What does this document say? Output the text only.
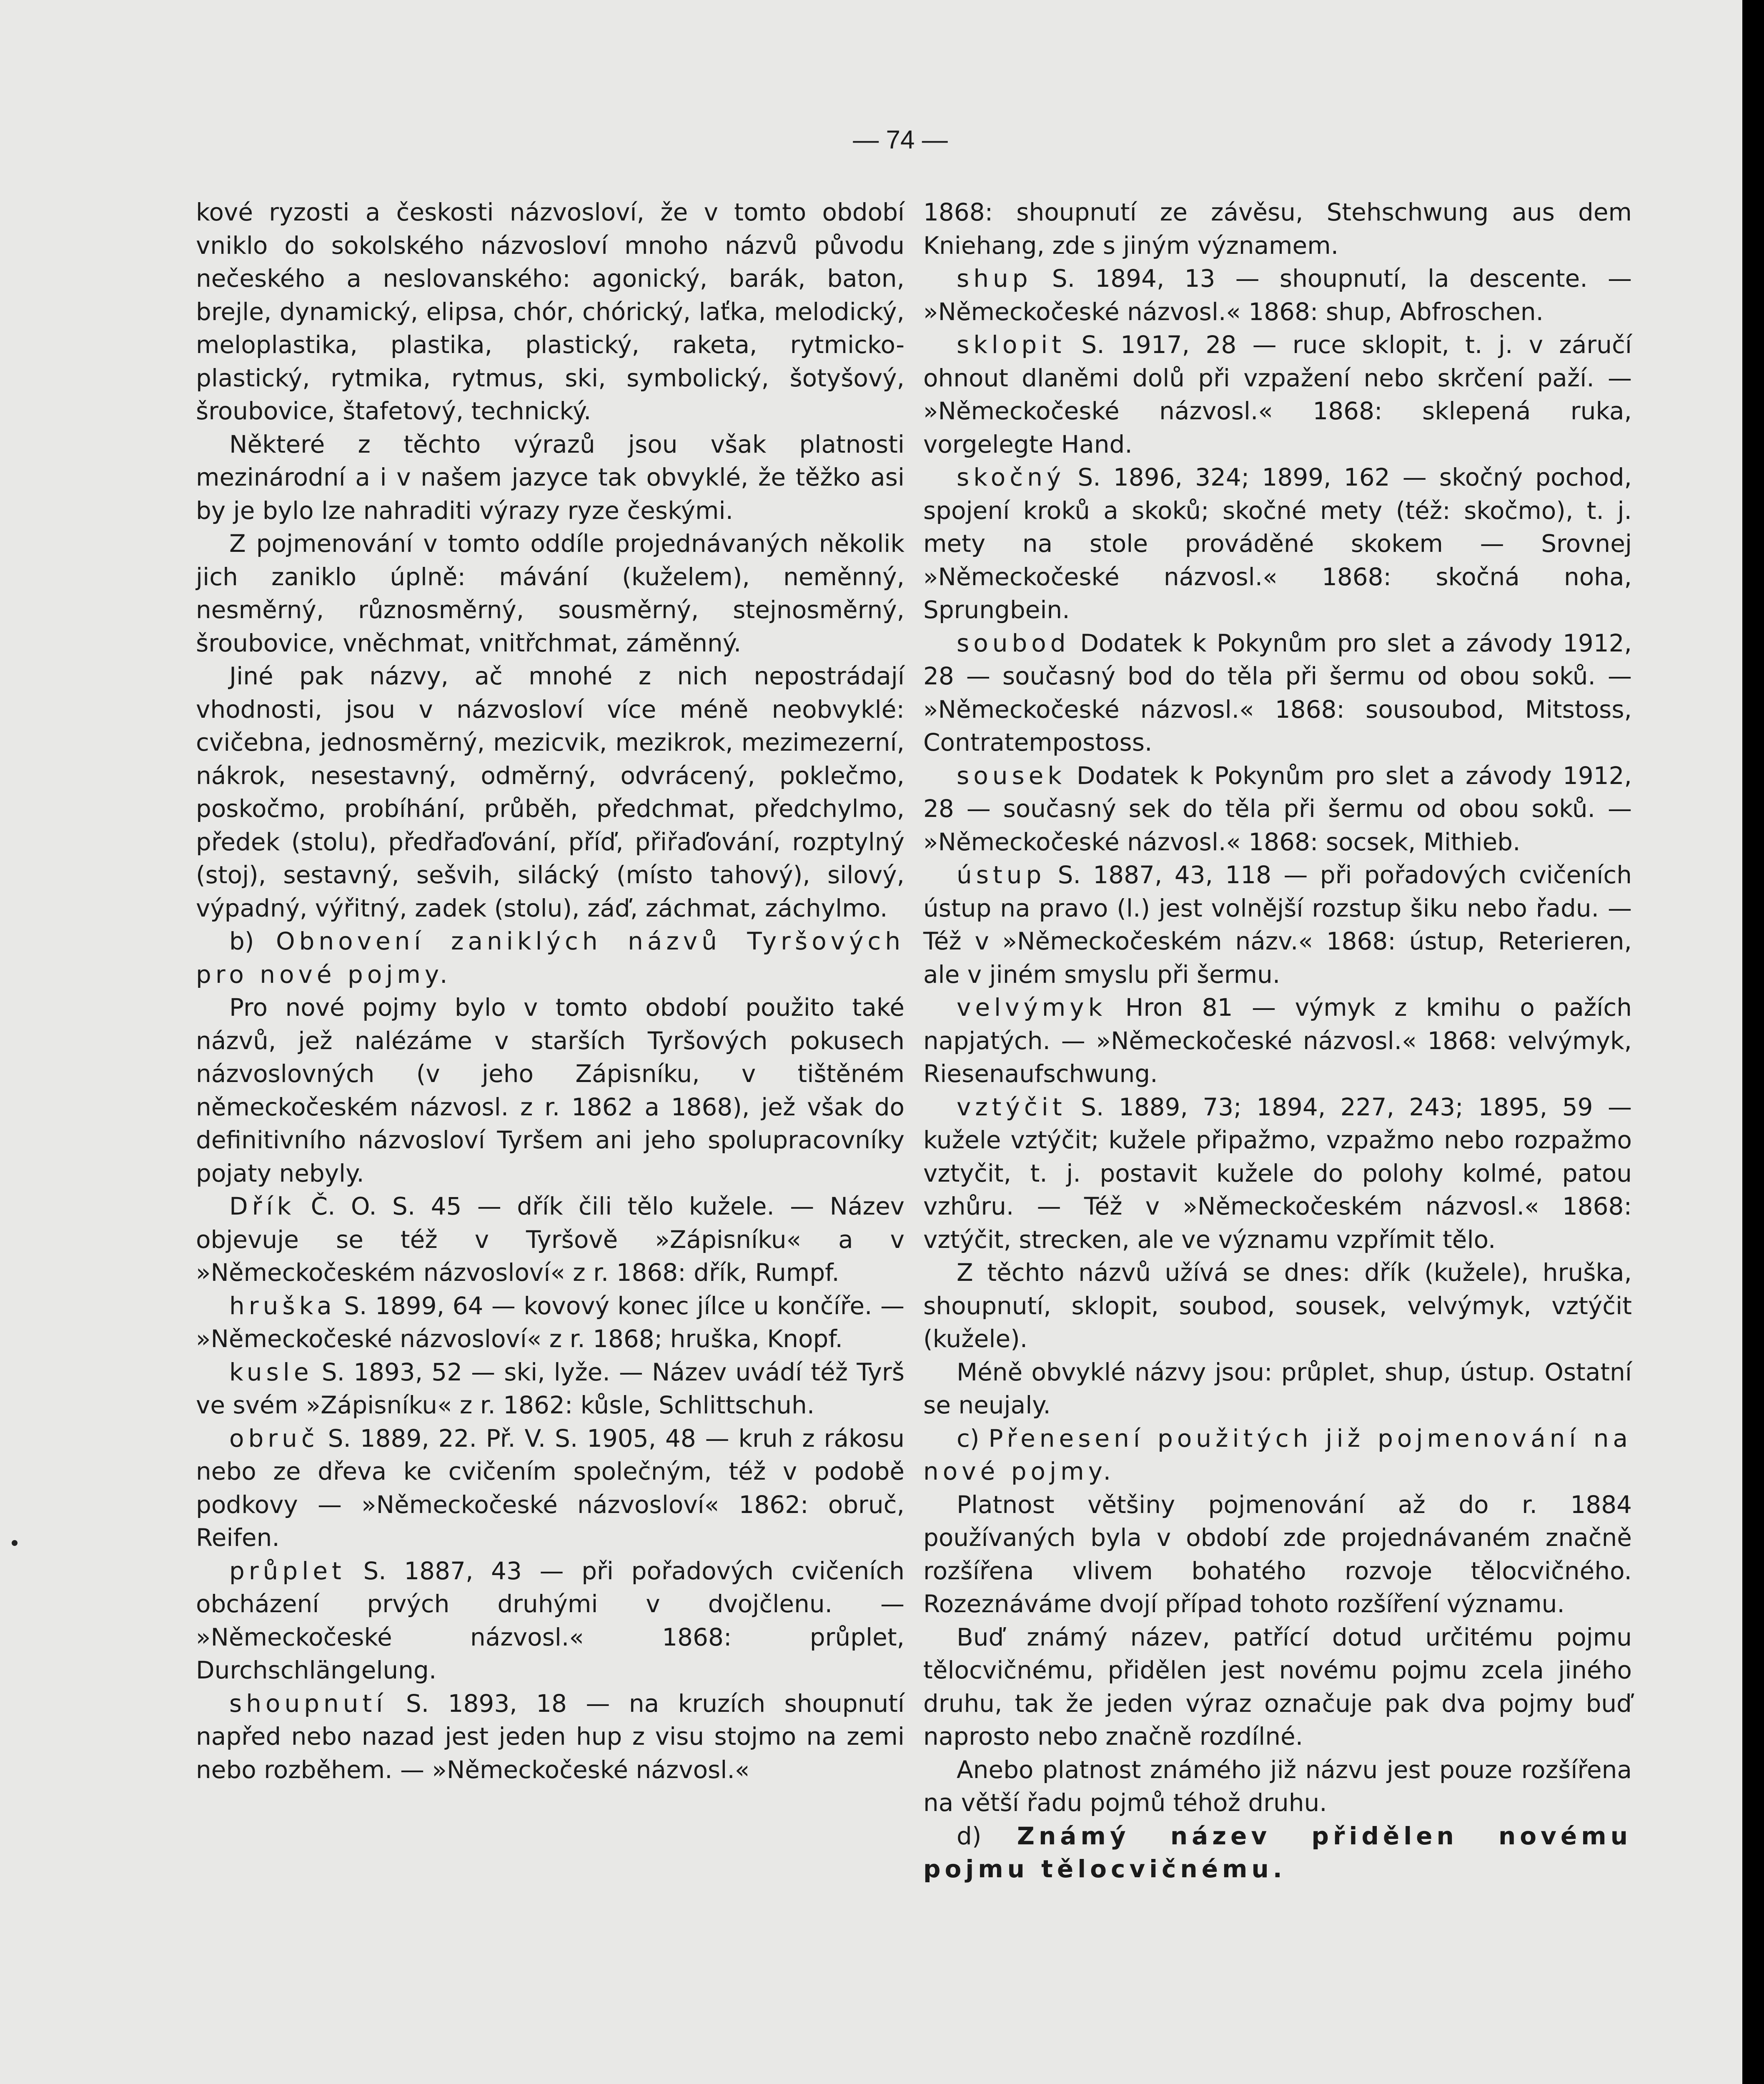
— 74 —

kové ryzosti a českosti názvosloví, že v tomto období vniklo do sokolského názvosloví mnoho názvů původu nečeského a neslovanského: agonický, barák, baton, brejle, dynamický, elipsa, chór, chórický, laťka, melodický, meloplastika, plastika, plastický, raketa, rytmicko-plastický, rytmika, rytmus, ski, symbolický, šotyšový, šroubovice, štafetový, technický.

Některé z těchto výrazů jsou však platnosti mezinárodní a i v našem jazyce tak obvyklé, že těžko asi by je bylo lze nahraditi výrazy ryze českými.

Z pojmenování v tomto oddíle projednávaných několik jich zaniklo úplně: mávání (kuželem), neměnný, nesměrný, různosměrný, sousměrný, stejnosměrný, šroubovice, vněchmat, vnitřchmat, záměnný.

Jiné pak názvy, ač mnohé z nich nepostrádají vhodnosti, jsou v názvosloví více méně neobvyklé: cvičebna, jednosměrný, mezicvik, mezikrok, mezimezerní, nákrok, nesestavný, odměrný, odvrácený, poklečmo, poskočmo, probíhání, průběh, předchmat, předchylmo, předek (stolu), předřaďování, příď, přiřaďování, rozptylný (stoj), sestavný, sešvih, silácký (místo tahový), silový, výpadný, výřitný, zadek (stolu), záď, záchmat, záchylmo.

b) Obnovení zaniklých názvů Tyršových pro nové pojmy.

Pro nové pojmy bylo v tomto období použito také názvů, jež nalézáme v starších Tyršových pokusech názvoslovných (v jeho Zápisníku, v tištěném německočeském názvosl. z r. 1862 a 1868), jež však do definitivního názvosloví Tyršem ani jeho spolupracovníky pojaty nebyly.

Dřík Č. O. S. 45 — dřík čili tělo kužele. — Název objevuje se též v Tyršově »Zápisníku« a v »Německočeském názvosloví« z r. 1868: dřík, Rumpf.

hruška S. 1899, 64 — kovový konec jílce u končíře. — »Německočeské názvosloví« z r. 1868; hruška, Knopf.

kusle S. 1893, 52 — ski, lyže. — Název uvádí též Tyrš ve svém »Zápisníku« z r. 1862: kůsle, Schlittschuh.

obruč S. 1889, 22. Př. V. S. 1905, 48 — kruh z rákosu nebo ze dřeva ke cvičením společným, též v podobě podkovy — »Německočeské názvosloví« 1862: obruč, Reifen.

průplet S. 1887, 43 — při pořadových cvičeních obcházení prvých druhými v dvojčlenu. — »Německočeské názvosl.« 1868: průplet, Durchschlängelung.

shoupnutí S. 1893, 18 — na kruzích shoupnutí napřed nebo nazad jest jeden hup z visu stojmo na zemi nebo rozběhem. — »Německočeské názvosl.«

1868: shoupnutí ze závěsu, Stehschwung aus dem Kniehang, zde s jiným významem.

shup S. 1894, 13 — shoupnutí, la descente. — »Německočeské názvosl.« 1868: shup, Abfroschen.

sklopit S. 1917, 28 — ruce sklopit, t. j. v záručí ohnout dlaněmi dolů při vzpažení nebo skrčení paží. — »Německočeské názvosl.« 1868: sklepená ruka, vorgelegte Hand.

skočný S. 1896, 324; 1899, 162 — skočný pochod, spojení kroků a skoků; skočné mety (též: skočmo), t. j. mety na stole prováděné skokem — Srovnej »Německočeské názvosl.« 1868: skočná noha, Sprungbein.

soubod Dodatek k Pokynům pro slet a závody 1912, 28 — současný bod do těla při šermu od obou soků. — »Německočeské názvosl.« 1868: sousoubod, Mitstoss, Contratempostoss.

sousek Dodatek k Pokynům pro slet a závody 1912, 28 — současný sek do těla při šermu od obou soků. — »Německočeské názvosl.« 1868: socsek, Mithieb.

ústup S. 1887, 43, 118 — při pořadových cvičeních ústup na pravo (l.) jest volnější rozstup šiku nebo řadu. — Též v »Německočeském názv.« 1868: ústup, Reterieren, ale v jiném smyslu při šermu.

velvýmyk Hron 81 — výmyk z kmihu o pažích napjatých. — »Německočeské názvosl.« 1868: velvýmyk, Riesenaufschwung.

vztýčit S. 1889, 73; 1894, 227, 243; 1895, 59 — kužele vztýčit; kužele připažmo, vzpažmo nebo rozpažmo vztyčit, t. j. postavit kužele do polohy kolmé, patou vzhůru. — Též v »Německočeském názvosl.« 1868: vztýčit, strecken, ale ve významu vzpřímit tělo.

Z těchto názvů užívá se dnes: dřík (kužele), hruška, shoupnutí, sklopit, soubod, sousek, velvýmyk, vztýčit (kužele).

Méně obvyklé názvy jsou: průplet, shup, ústup. Ostatní se neujaly.

c) Přenesení použitých již pojmenování na nové pojmy.

Platnost většiny pojmenování až do r. 1884 používaných byla v období zde projednávaném značně rozšířena vlivem bohatého rozvoje tělocvičného. Rozeznáváme dvojí případ tohoto rozšíření významu.

Buď známý název, patřící dotud určitému pojmu tělocvičnému, přidělen jest novému pojmu zcela jiného druhu, tak že jeden výraz označuje pak dva pojmy buď naprosto nebo značně rozdílné.

Anebo platnost známého již názvu jest pouze rozšířena na větší řadu pojmů téhož druhu.

d) Známý název přidělen novému pojmu tělocvičnému.
